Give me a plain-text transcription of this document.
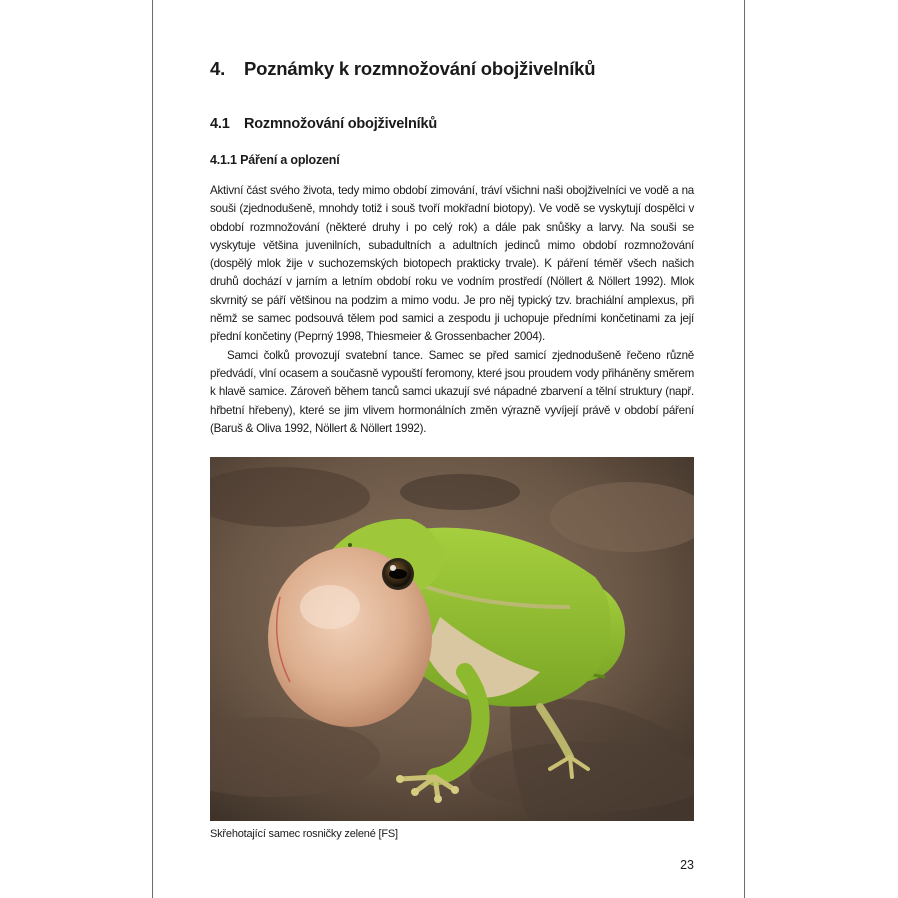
4. Poznámky k rozmnožování obojživelníků
4.1 Rozmnožování obojživelníků
4.1.1 Páření a oplození

Aktivní část svého života, tedy mimo období zimování, tráví všichni naši obojživelníci ve vodě a na souši (zjednodušeně, mnohdy totiž i souš tvoří mokřadní biotopy). Ve vodě se vyskytují dospělci v období rozmnožování (některé druhy i po celý rok) a dále pak snůšky a larvy. Na souši se vyskytuje většina juvenilních, subadultních a adultních jedinců mimo období rozmnožování (dospělý mlok žije v suchozemských biotopech prakticky trvale). K páření téměř všech našich druhů dochází v jarním a letním období roku ve vodním prostředí (Nöllert & Nöllert 1992). Mlok skvrnitý se páří většinou na podzim a mimo vodu. Je pro něj typický tzv. brachiální amplexus, při němž se samec podsouvá tělem pod samici a zespodu ji uchopuje předními končetinami za její přední končetiny (Peprný 1998, Thiesmeier & Grossenbacher 2004).

Samci čolků provozují svatební tance. Samec se před samicí zjednodušeně řečeno různě předvádí, vlní ocasem a současně vypouští feromony, které jsou proudem vody přiháněny směrem k hlavě samice. Zároveň během tanců samci ukazují své nápadné zbarvení a tělní struktury (např. hřbetní hřebeny), které se jim vlivem hormonálních změn výrazně vyvíjejí právě v období páření (Baruš & Oliva 1992, Nöllert & Nöllert 1992).

Skřehotající samec rosničky zelené [FS]
23
